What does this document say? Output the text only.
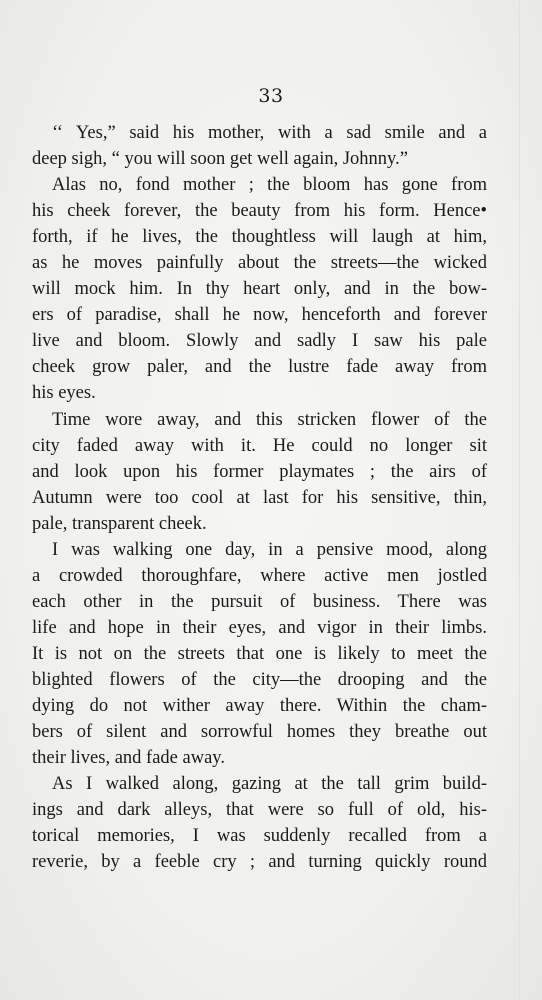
33
‘‘ Yes,” said his mother, with a sad smile and a
deep sigh, “ you will soon get well again, Johnny.”
Alas no, fond mother ; the bloom has gone from
his cheek forever, the beauty from his form. Hence•
forth, if he lives, the thoughtless will laugh at him,
as he moves painfully about the streets—the wicked
will mock him. In thy heart only, and in the bow-
ers of paradise, shall he now, henceforth and forever
live and bloom. Slowly and sadly I saw his pale
cheek grow paler, and the lustre fade away from
his eyes.
Time wore away, and this stricken flower of the
city faded away with it. He could no longer sit
and look upon his former playmates ; the airs of
Autumn were too cool at last for his sensitive, thin,
pale, transparent cheek.
I was walking one day, in a pensive mood, along
a crowded thoroughfare, where active men jostled
each other in the pursuit of business. There was
life and hope in their eyes, and vigor in their limbs.
It is not on the streets that one is likely to meet the
blighted flowers of the city—the drooping and the
dying do not wither away there. Within the cham-
bers of silent and sorrowful homes they breathe out
their lives, and fade away.
As I walked along, gazing at the tall grim build-
ings and dark alleys, that were so full of old, his-
torical memories, I was suddenly recalled from a
reverie, by a feeble cry ; and turning quickly round
